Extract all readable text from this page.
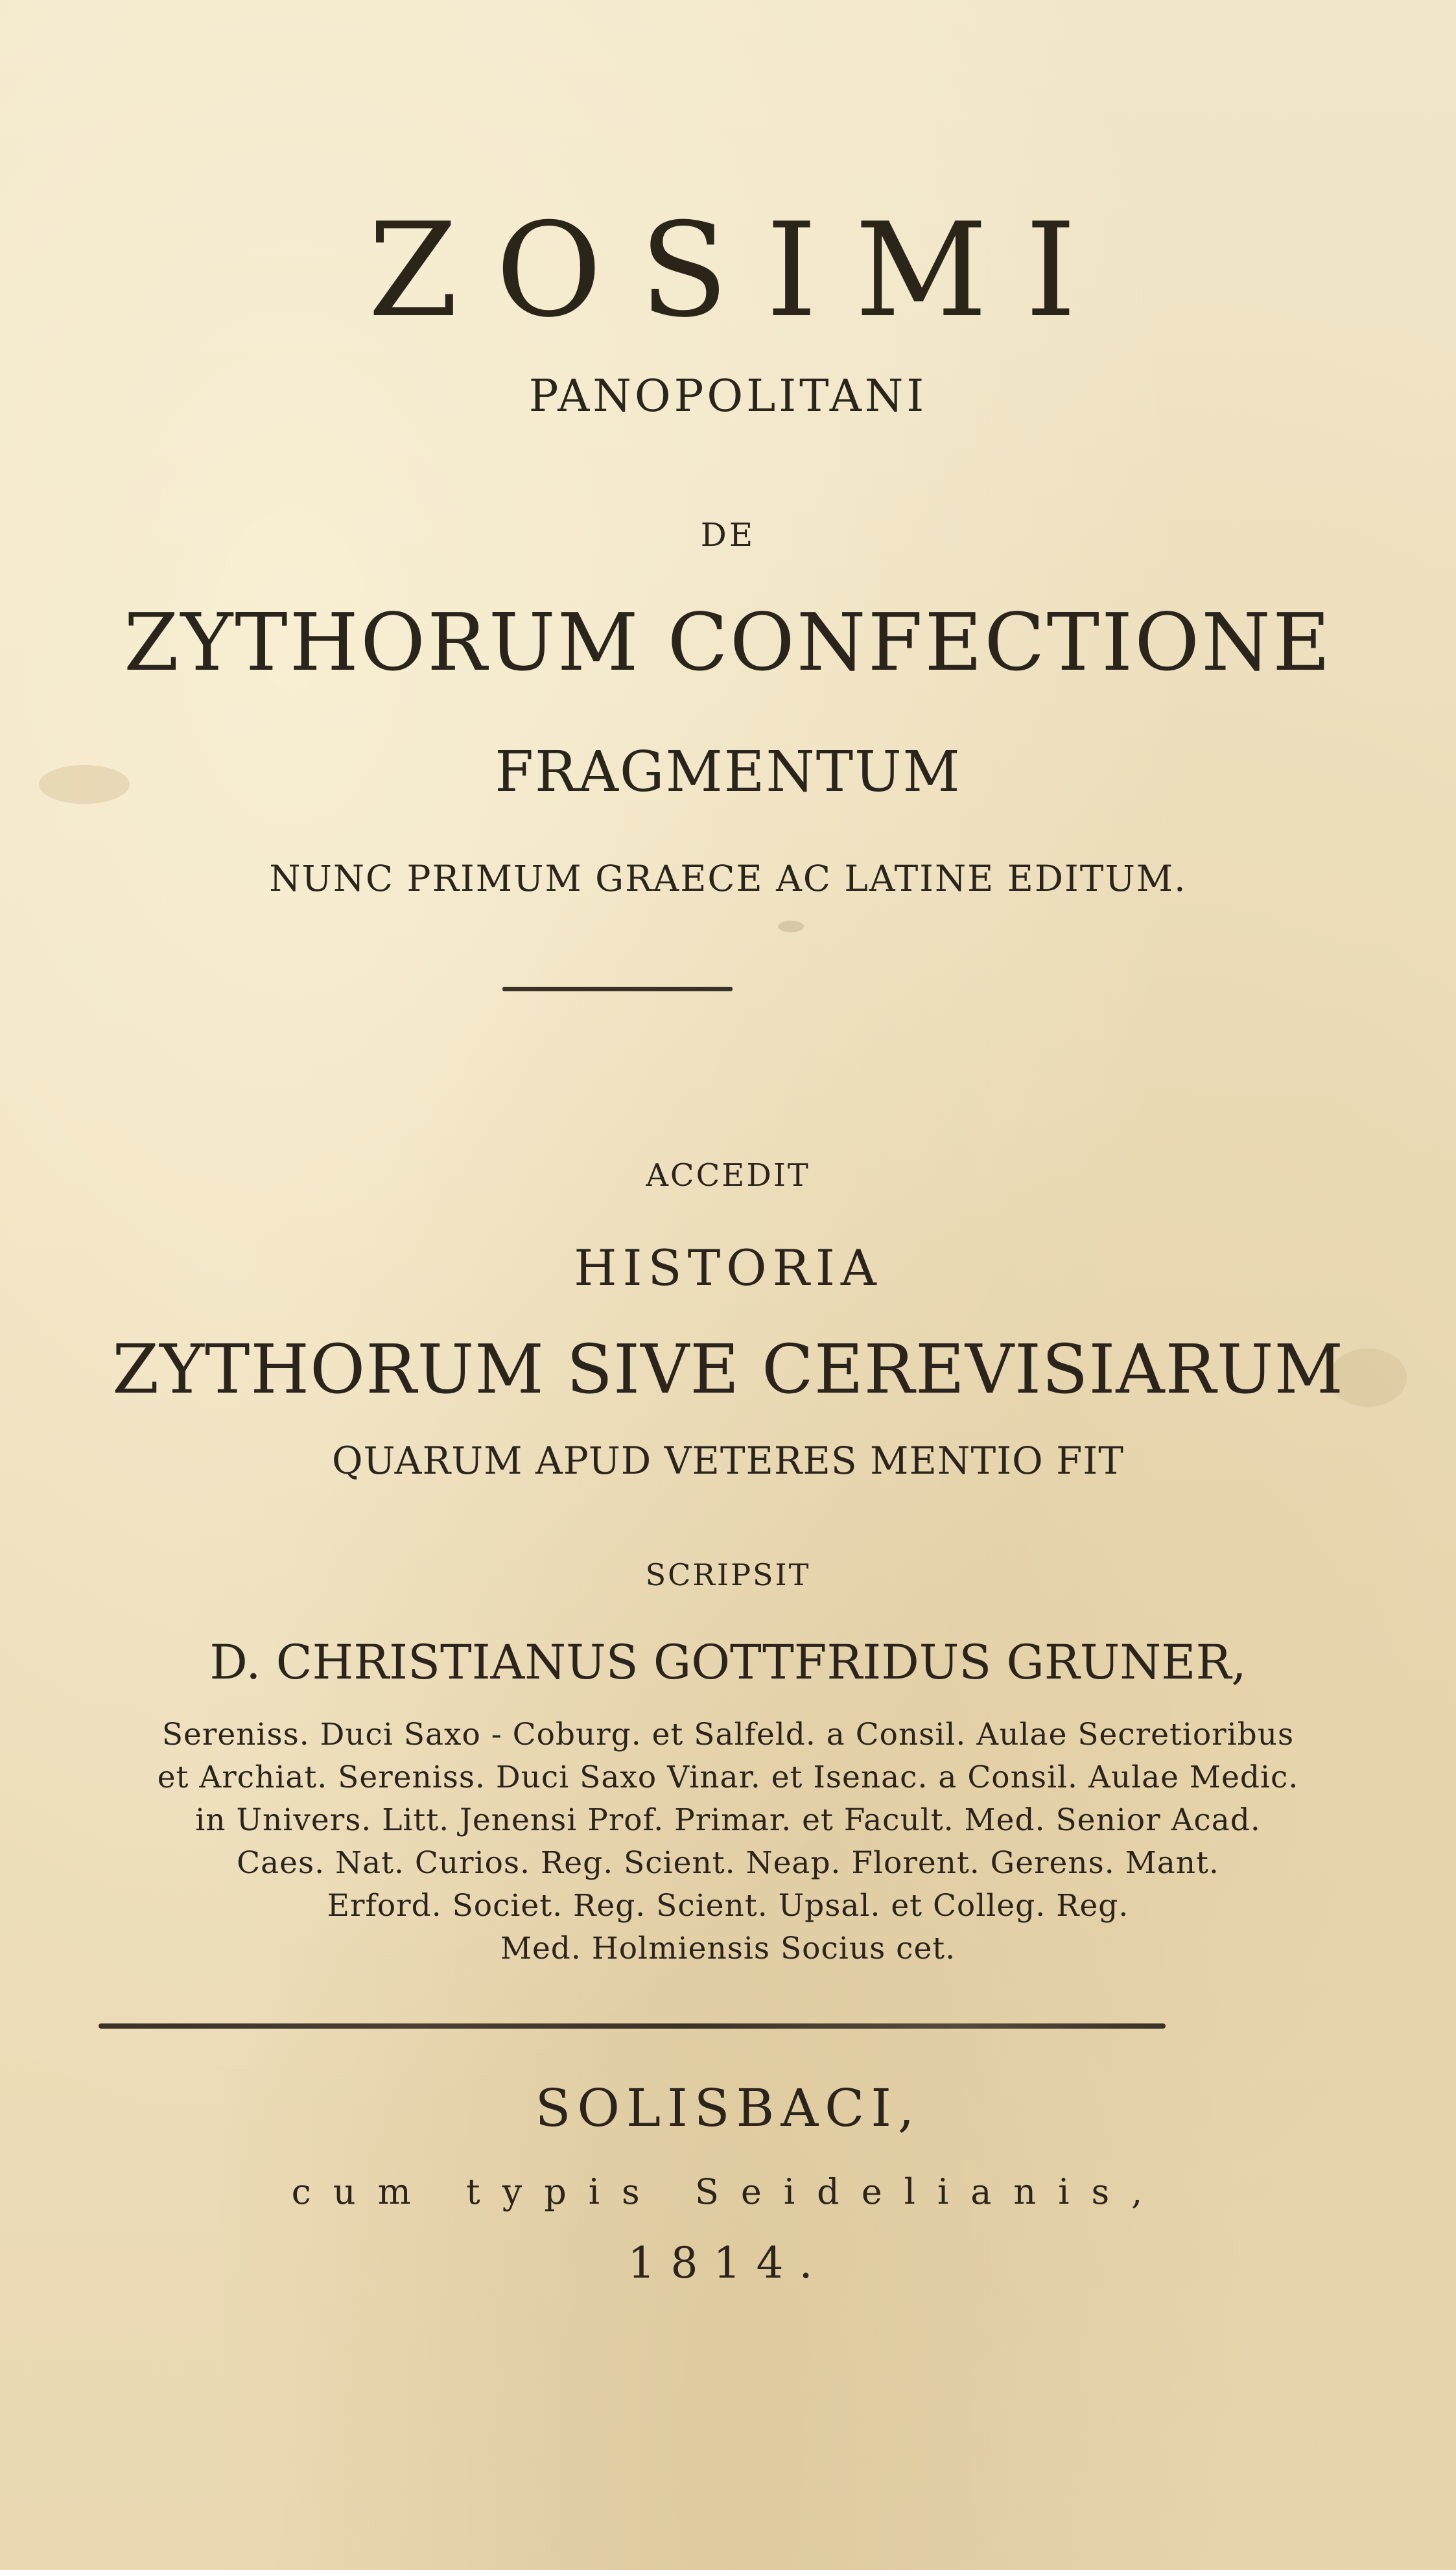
ZOSIMI
PANOPOLITANI
DE
ZYTHORUM CONFECTIONE
FRAGMENTUM
NUNC PRIMUM GRAECE AC LATINE EDITUM.
ACCEDIT
HISTORIA
ZYTHORUM SIVE CEREVISIARUM
QUARUM APUD VETERES MENTIO FIT
SCRIPSIT
D. CHRISTIANUS GOTTFRIDUS GRUNER,
Sereniss. Duci Saxo - Coburg. et Salfeld. a Consil. Aulae Secretioribus
et Archiat. Sereniss. Duci Saxo Vinar. et Isenac. a Consil. Aulae Medic.
in Univers. Litt. Jenensi Prof. Primar. et Facult. Med. Senior Acad.
Caes. Nat. Curios. Reg. Scient. Neap. Florent. Gerens. Mant.
Erford. Societ. Reg. Scient. Upsal. et Colleg. Reg.
Med. Holmiensis Socius cet.
SOLISBACI,
cum typis Seidelianis,
1814.
